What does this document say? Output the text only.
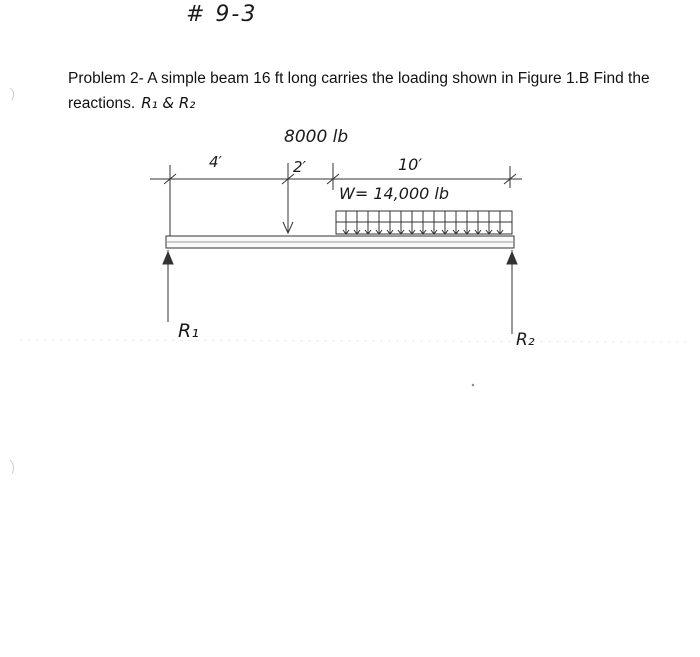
# 9-3
Problem 2- A simple beam 16 ft long carries the loading shown in Figure 1.B Find the reactions. R₁ & R₂
8000 lb
4′	2′	10′
W= 14,000 lb
R₁	R₂
